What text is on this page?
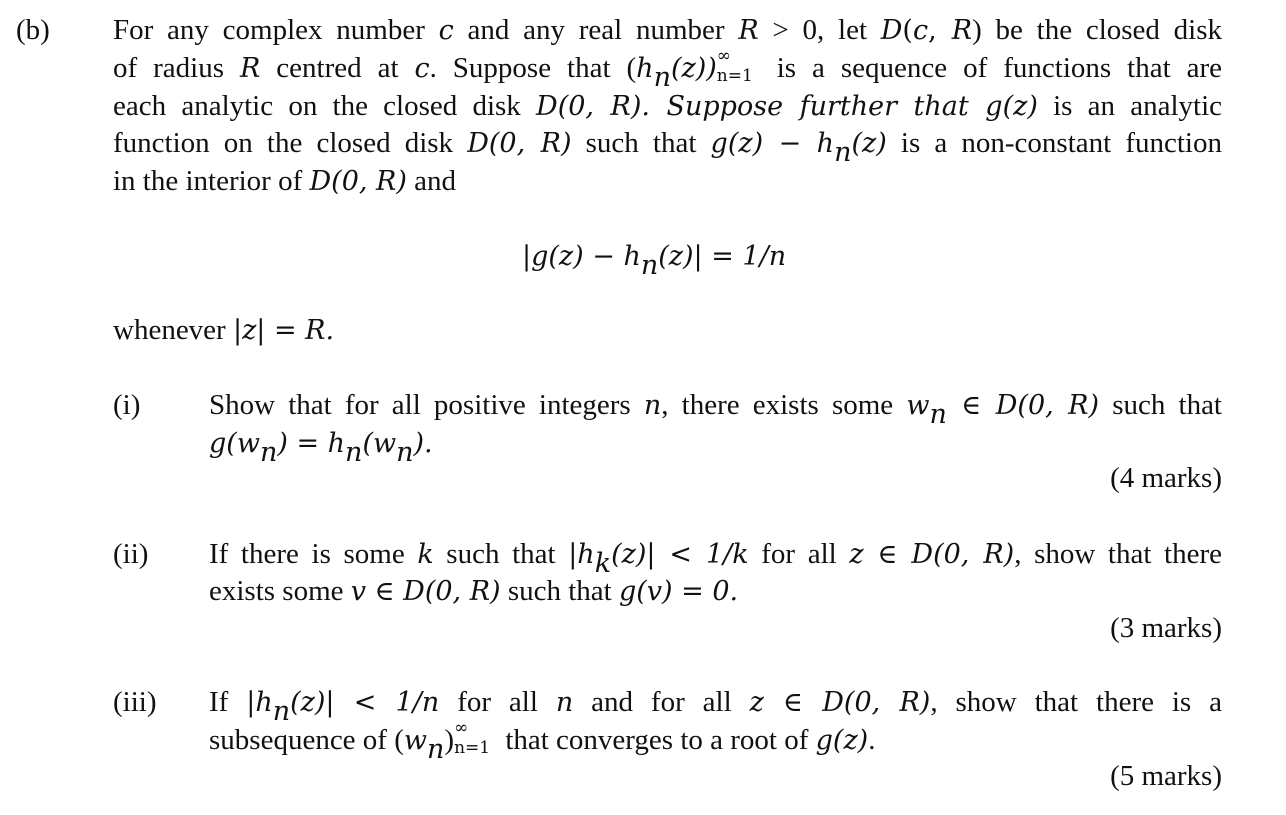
(b) For any complex number c and any real number R > 0, let D(c, R) be the closed disk
of radius R centred at c. Suppose that $(h_n(z))$ ∞
n=1 is a sequence of functions that are
each analytic on the closed disk D(0, R). Suppose further that g(z) is an analytic
function on the closed disk D(0, R) such that $g(z) - h_n(z)$ is a non-constant function
in the interior of D(0, R) and
$|g(z) - h_n(z)| = 1/n$
whenever |z| = R.
(i) Show that for all positive integers n, there exists some $w_n$ ∈ D(0, R) such that
$g(w_n) = h_n(w_n)$.
(4 marks)
(ii) If there is some k such that $|h_k(z)| < 1/k$ for all z ∈ D(0, R), show that there
exists some v ∈ D(0, R) such that g(v) = 0.
(3 marks)
(iii) If $|h_n(z)| < 1/n$ for all n and for all z ∈ D(0, R), show that there is a
subsequence of $(w_n)$ ∞
n=1 that converges to a root of g(z).
(5 marks)
